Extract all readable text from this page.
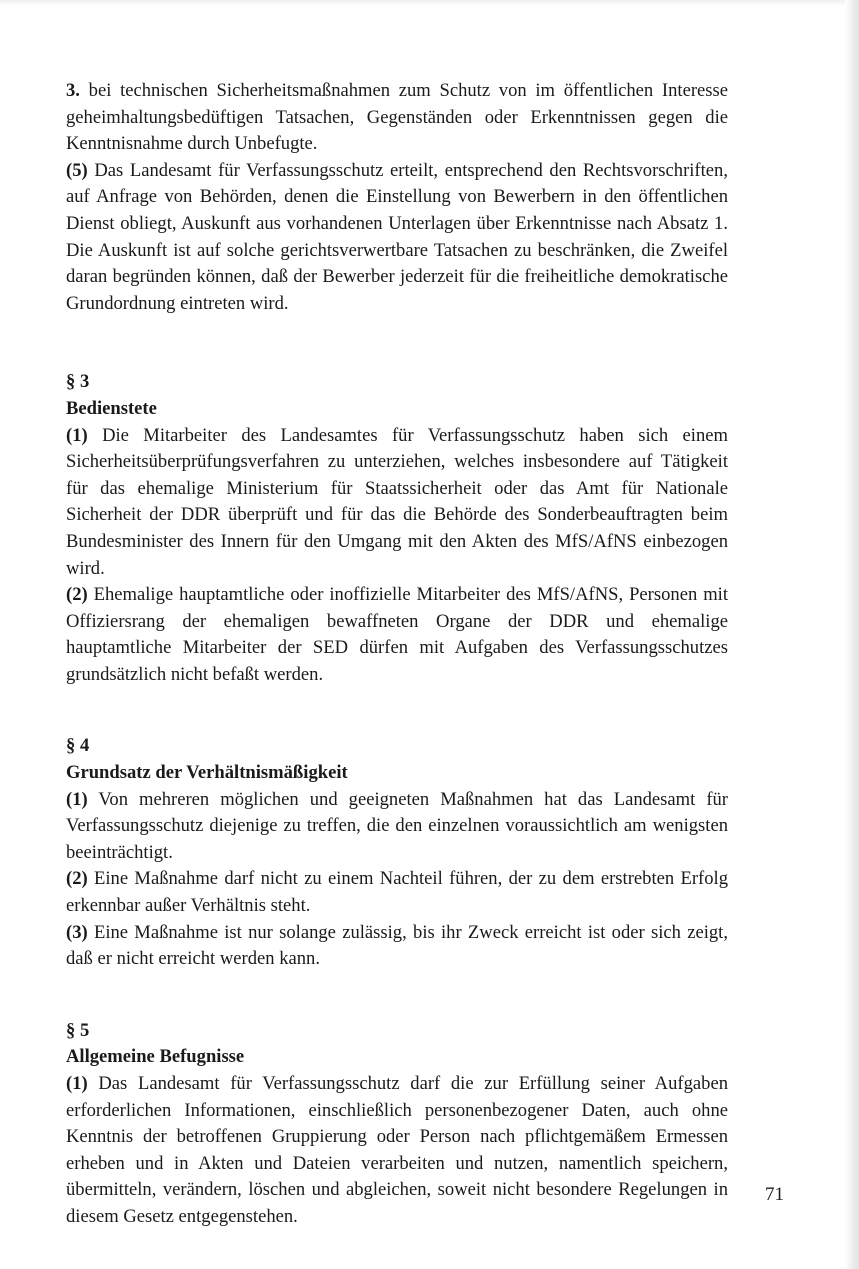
3. bei technischen Sicherheitsmaßnahmen zum Schutz von im öffentlichen Interesse geheimhaltungsbedüftigen Tatsachen, Gegenständen oder Erkenntnissen gegen die Kenntnisnahme durch Unbefugte.

(5) Das Landesamt für Verfassungsschutz erteilt, entsprechend den Rechtsvorschriften, auf Anfrage von Behörden, denen die Einstellung von Bewerbern in den öffentlichen Dienst obliegt, Auskunft aus vorhandenen Unterlagen über Erkenntnisse nach Absatz 1. Die Auskunft ist auf solche gerichtsverwertbare Tatsachen zu beschränken, die Zweifel daran begründen können, daß der Bewerber jederzeit für die freiheitliche demokratische Grundordnung eintreten wird.

§ 3

Bedienstete

(1) Die Mitarbeiter des Landesamtes für Verfassungsschutz haben sich einem Sicherheitsüberprüfungsverfahren zu unterziehen, welches insbesondere auf Tätigkeit für das ehemalige Ministerium für Staatssicherheit oder das Amt für Nationale Sicherheit der DDR überprüft und für das die Behörde des Sonderbeauftragten beim Bundesminister des Innern für den Umgang mit den Akten des MfS/AfNS einbezogen wird.

(2) Ehemalige hauptamtliche oder inoffizielle Mitarbeiter des MfS/AfNS, Personen mit Offiziersrang der ehemaligen bewaffneten Organe der DDR und ehemalige hauptamtliche Mitarbeiter der SED dürfen mit Aufgaben des Verfassungsschutzes grundsätzlich nicht befaßt werden.

§ 4

Grundsatz der Verhältnismäßigkeit

(1) Von mehreren möglichen und geeigneten Maßnahmen hat das Landesamt für Verfassungsschutz diejenige zu treffen, die den einzelnen voraussichtlich am wenigsten beeinträchtigt.

(2) Eine Maßnahme darf nicht zu einem Nachteil führen, der zu dem erstrebten Erfolg erkennbar außer Verhältnis steht.

(3) Eine Maßnahme ist nur solange zulässig, bis ihr Zweck erreicht ist oder sich zeigt, daß er nicht erreicht werden kann.

§ 5

Allgemeine Befugnisse

(1) Das Landesamt für Verfassungsschutz darf die zur Erfüllung seiner Aufgaben erforderlichen Informationen, einschließlich personenbezogener Daten, auch ohne Kenntnis der betroffenen Gruppierung oder Person nach pflichtgemäßem Ermessen erheben und in Akten und Dateien verarbeiten und nutzen, namentlich speichern, übermitteln, verändern, löschen und abgleichen, soweit nicht besondere Regelungen in diesem Gesetz entgegenstehen.

71
